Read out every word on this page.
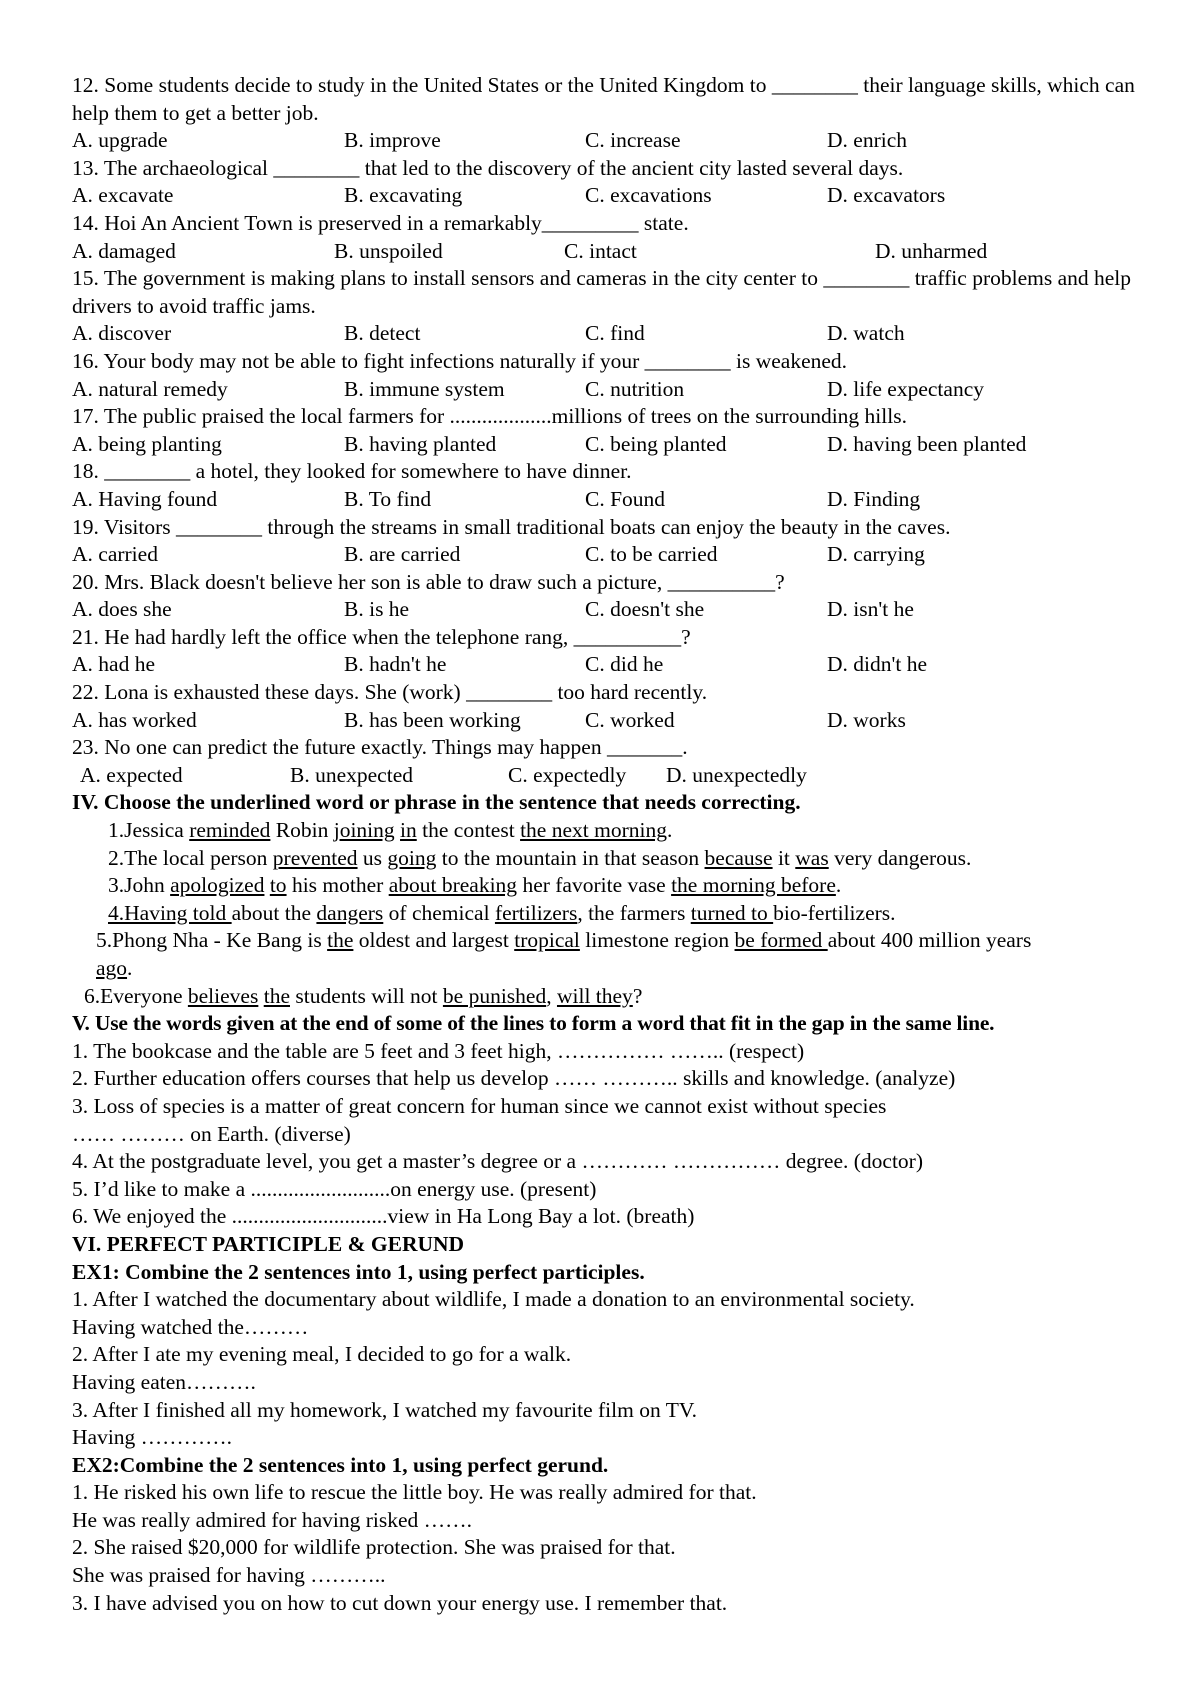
12. Some students decide to study in the United States or the United Kingdom to ________ their language skills, which can help them to get a better job.
A. upgrade	B. improve	C. increase	D. enrich
13. The archaeological ________ that led to the discovery of the ancient city lasted several days.
A. excavate	B. excavating	C. excavations	D. excavators
14. Hoi An Ancient Town is preserved in a remarkably_________ state.
A. damaged	B. unspoiled	C. intact	D. unharmed
15. The government is making plans to install sensors and cameras in the city center to ________ traffic problems and help drivers to avoid traffic jams.
A. discover	B. detect	C. find	D. watch
16. Your body may not be able to fight infections naturally if your ________ is weakened.
A. natural remedy	B. immune system	C. nutrition	D. life expectancy
17. The public praised the local farmers for ...................millions of trees on the surrounding hills.
A. being planting	B. having planted	C. being planted	D. having been planted
18. ________ a hotel, they looked for somewhere to have dinner.
A. Having found	B. To find	C. Found	D. Finding
19. Visitors ________ through the streams in small traditional boats can enjoy the beauty in the caves.
A. carried	B. are carried	C. to be carried	D. carrying
20. Mrs. Black doesn't believe her son is able to draw such a picture, __________?
A. does she	B. is he	C. doesn't she	D. isn't he
21. He had hardly left the office when the telephone rang, __________?
A. had he	B. hadn't he	C. did he	D. didn't he
22. Lona is exhausted these days. She (work) ________ too hard recently.
A. has worked	B. has been working	C. worked	D. works
23. No one can predict the future exactly. Things may happen _______.
A. expected	B. unexpected	C. expectedly D. unexpectedly
IV. Choose the underlined word or phrase in the sentence that needs correcting.
1.Jessica reminded Robin joining in the contest the next morning.
2.The local person prevented us going to the mountain in that season because it was very dangerous.
3.John apologized to his mother about breaking her favorite vase the morning before.
4.Having told about the dangers of chemical fertilizers, the farmers turned to bio-fertilizers.
5.Phong Nha - Ke Bang is the oldest and largest tropical limestone region be formed about 400 million years
ago.
6.Everyone believes the students will not be punished, will they?
V. Use the words given at the end of some of the lines to form a word that fit in the gap in the same line.
1. The bookcase and the table are 5 feet and 3 feet high, …………… …….. (respect)
2. Further education offers courses that help us develop …… ……….. skills and knowledge. (analyze)
3. Loss of species is a matter of great concern for human since we cannot exist without species
…… ……… on Earth. (diverse)
4. At the postgraduate level, you get a master’s degree or a ………… …………… degree. (doctor)
5. I’d like to make a ..........................on energy use. (present)
6. We enjoyed the .............................view in Ha Long Bay a lot. (breath)
VI. PERFECT PARTICIPLE & GERUND
EX1: Combine the 2 sentences into 1, using perfect participles.
1. After I watched the documentary about wildlife, I made a donation to an environmental society.
Having watched the………
2. After I ate my evening meal, I decided to go for a walk.
Having eaten……….
3. After I finished all my homework, I watched my favourite film on TV.
Having ………….
EX2:Combine the 2 sentences into 1, using perfect gerund.
1. He risked his own life to rescue the little boy. He was really admired for that.
He was really admired for having risked …….
2. She raised $20,000 for wildlife protection. She was praised for that.
She was praised for having ………..
3. I have advised you on how to cut down your energy use. I remember that.
